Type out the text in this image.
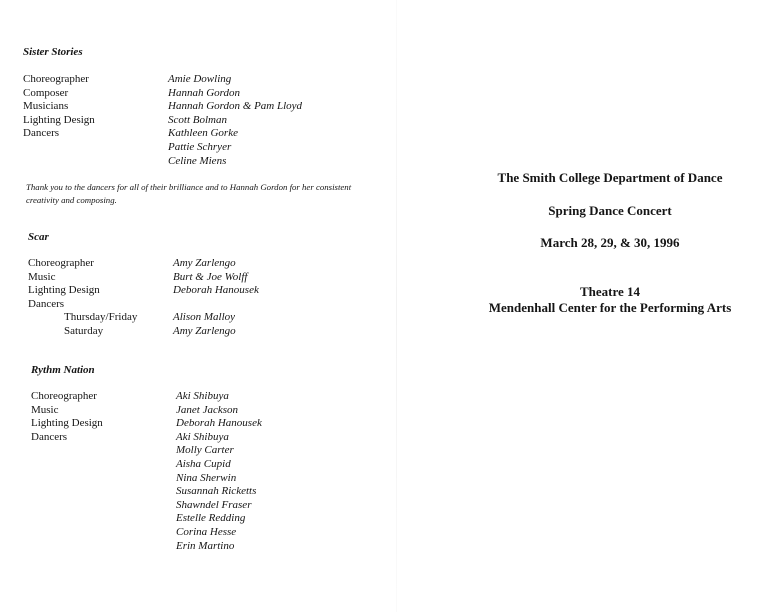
Sister Stories
Choreographer	Amie Dowling
Composer	Hannah Gordon
Musicians	Hannah Gordon & Pam Lloyd
Lighting Design	Scott Bolman
Dancers	Kathleen Gorke
Pattie Schryer
Celine Miens
Thank you to the dancers for all of their brilliance and to Hannah Gordon for her consistent creativity and composing.
Scar
Choreographer	Amy Zarlengo
Music	Burt & Joe Wolff
Lighting Design	Deborah Hanousek
Dancers
Thursday/Friday	Alison Malloy
Saturday	Amy Zarlengo
Rythm Nation
Choreographer	Aki Shibuya
Music	Janet Jackson
Lighting Design	Deborah Hanousek
Dancers	Aki Shibuya
Molly Carter
Aisha Cupid
Nina Sherwin
Susannah Ricketts
Shawndel Fraser
Estelle Redding
Corina Hesse
Erin Martino
The Smith College Department of Dance
Spring Dance Concert
March 28, 29, & 30, 1996
Theatre 14
Mendenhall Center for the Performing Arts
